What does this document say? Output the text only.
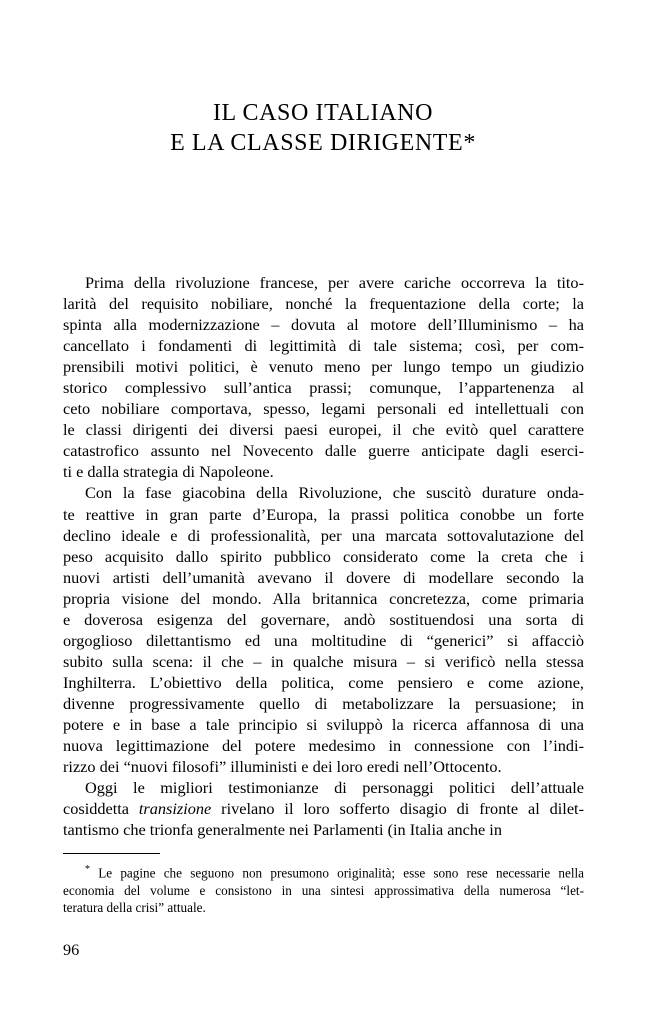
IL CASO ITALIANO
E LA CLASSE DIRIGENTE*

Prima della rivoluzione francese, per avere cariche occorreva la tito-
larità del requisito nobiliare, nonché la frequentazione della corte; la
spinta alla modernizzazione – dovuta al motore dell’Illuminismo – ha
cancellato i fondamenti di legittimità di tale sistema; così, per com-
prensibili motivi politici, è venuto meno per lungo tempo un giudizio
storico complessivo sull’antica prassi; comunque, l’appartenenza al
ceto nobiliare comportava, spesso, legami personali ed intellettuali con
le classi dirigenti dei diversi paesi europei, il che evitò quel carattere
catastrofico assunto nel Novecento dalle guerre anticipate dagli eserci-
ti e dalla strategia di Napoleone.

Con la fase giacobina della Rivoluzione, che suscitò durature onda-
te reattive in gran parte d’Europa, la prassi politica conobbe un forte
declino ideale e di professionalità, per una marcata sottovalutazione del
peso acquisito dallo spirito pubblico considerato come la creta che i
nuovi artisti dell’umanità avevano il dovere di modellare secondo la
propria visione del mondo. Alla britannica concretezza, come primaria
e doverosa esigenza del governare, andò sostituendosi una sorta di
orgoglioso dilettantismo ed una moltitudine di “generici” si affacciò
subito sulla scena: il che – in qualche misura – si verificò nella stessa
Inghilterra. L’obiettivo della politica, come pensiero e come azione,
divenne progressivamente quello di metabolizzare la persuasione; in
potere e in base a tale principio si sviluppò la ricerca affannosa di una
nuova legittimazione del potere medesimo in connessione con l’indi-
rizzo dei “nuovi filosofi” illuministi e dei loro eredi nell’Ottocento.

Oggi le migliori testimonianze di personaggi politici dell’attuale
cosiddetta transizione rivelano il loro sofferto disagio di fronte al dilet-
tantismo che trionfa generalmente nei Parlamenti (in Italia anche in

* Le pagine che seguono non presumono originalità; esse sono rese necessarie nella
economia del volume e consistono in una sintesi approssimativa della numerosa “let-
teratura della crisi” attuale.
96
